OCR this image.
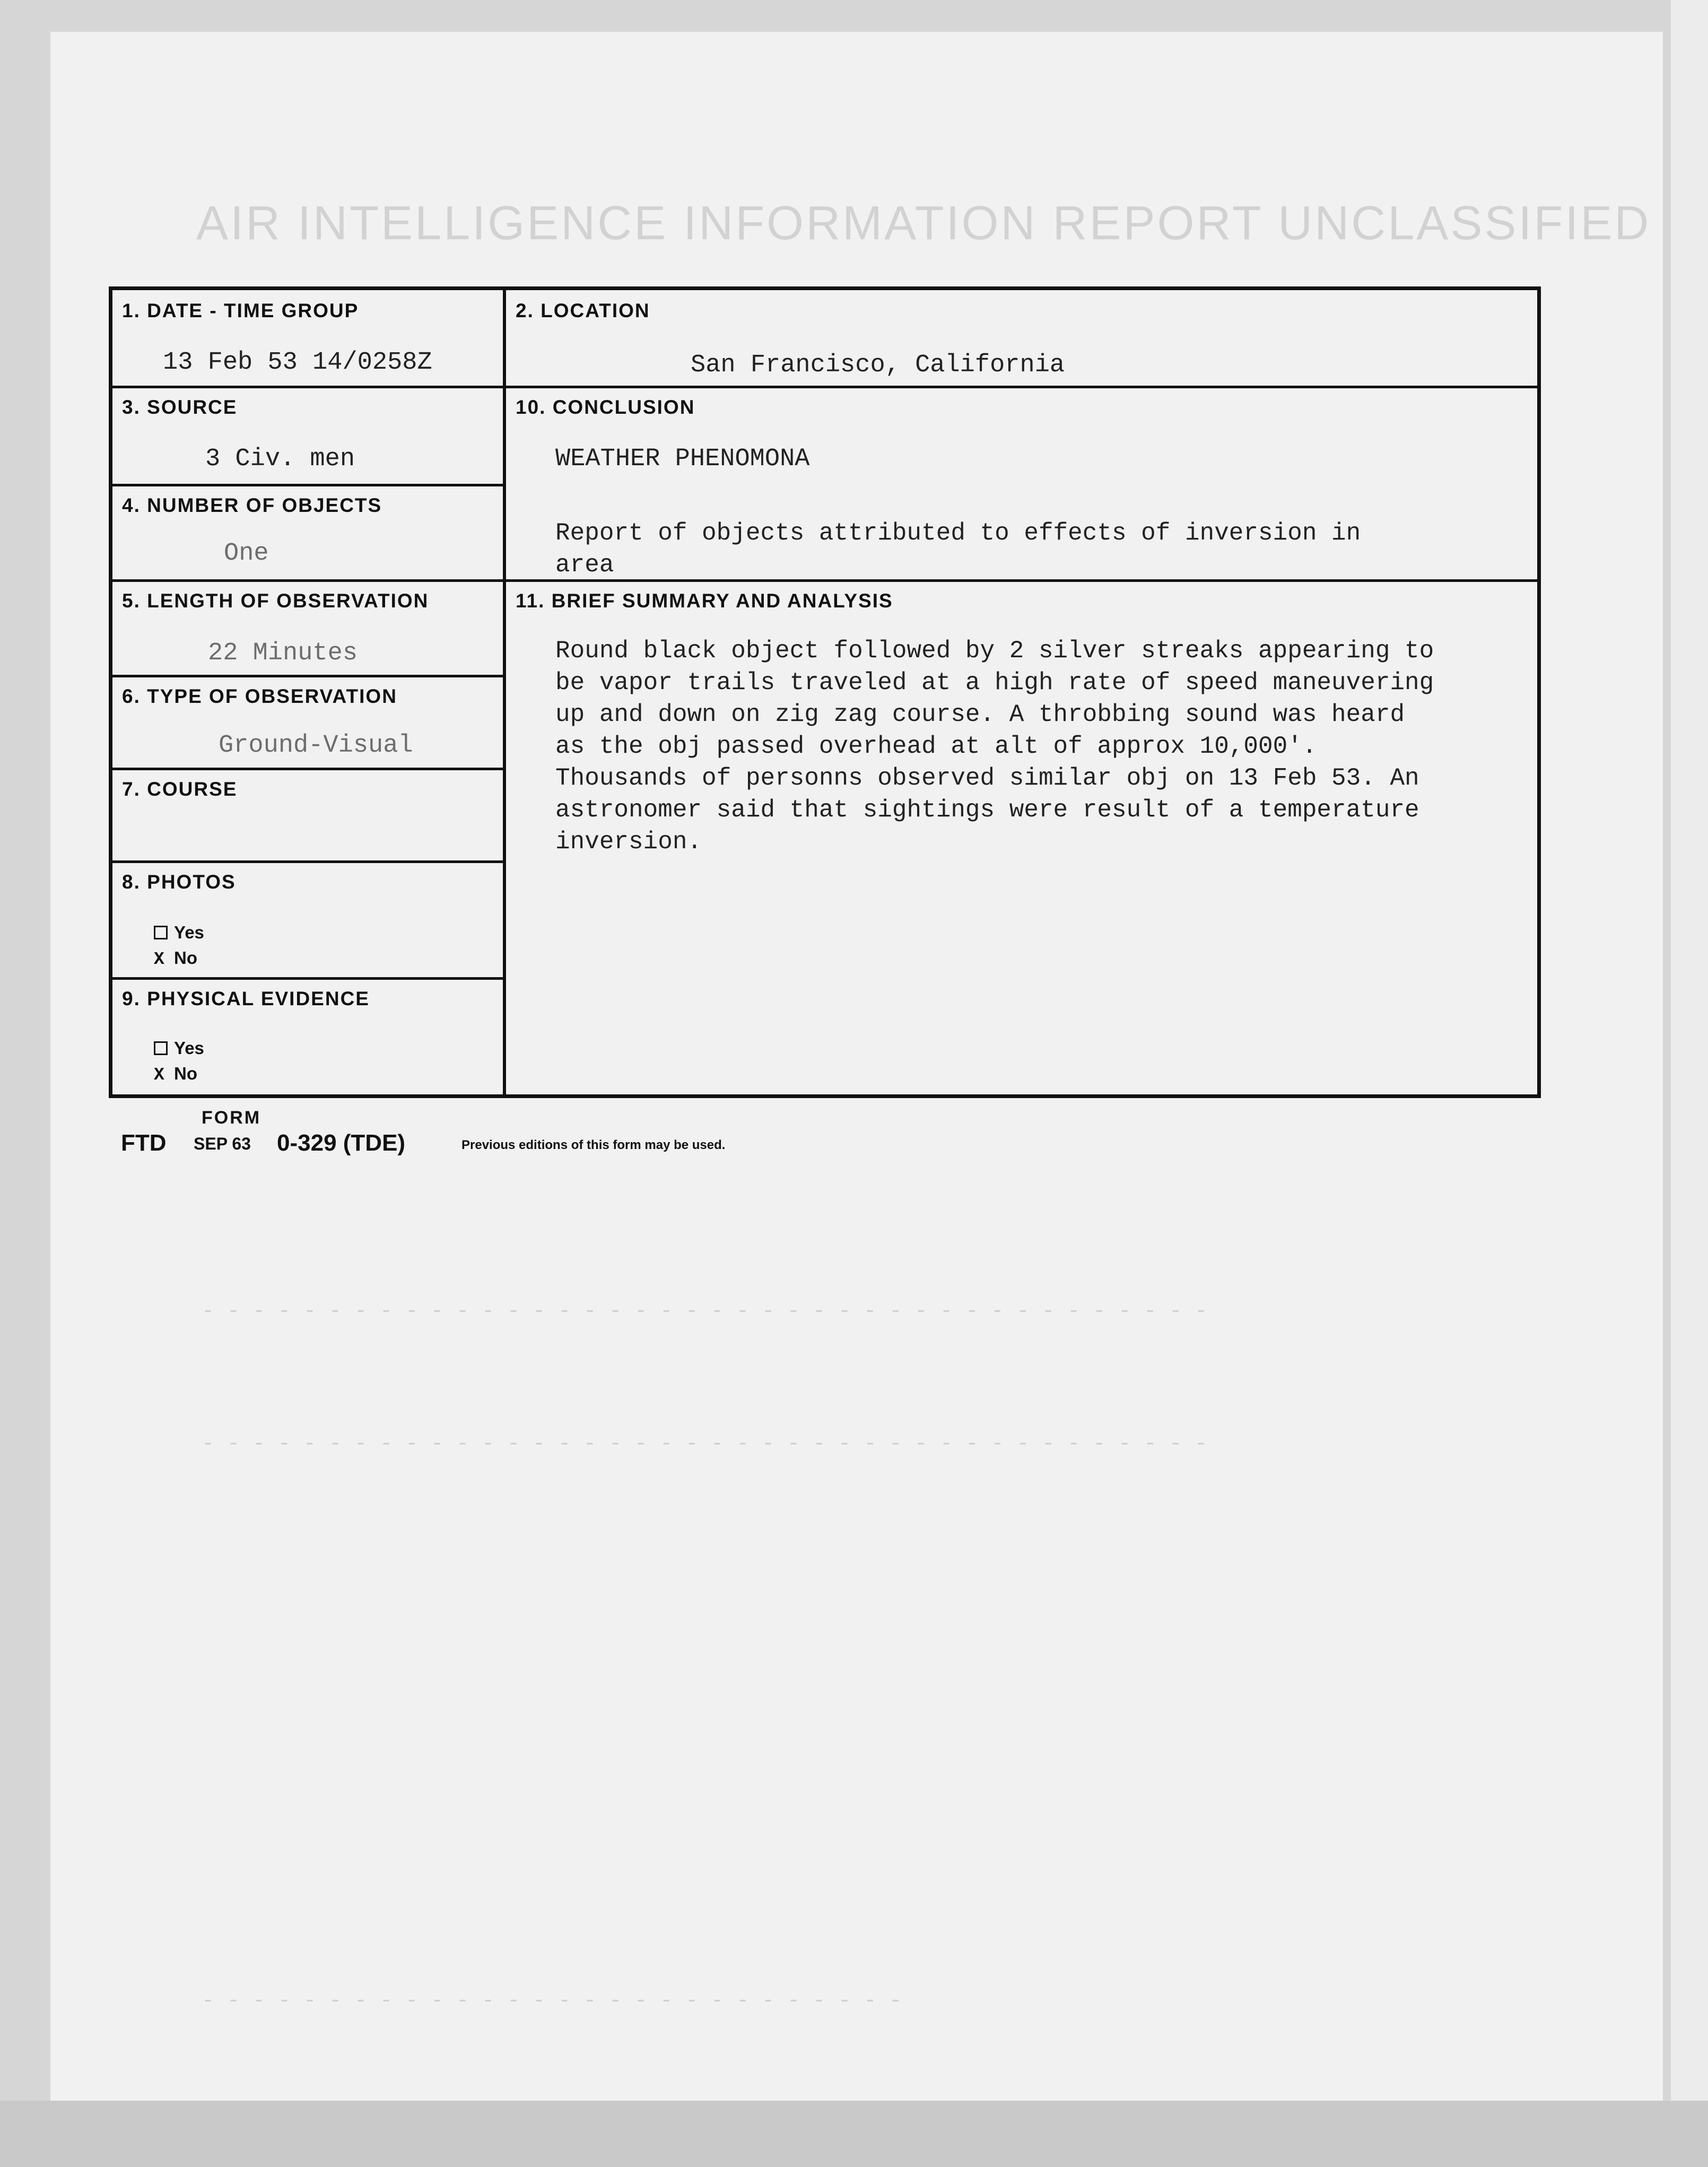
AIR INTELLIGENCE INFORMATION REPORT UNCLASSIFIED
- - - - - - - - - - - - - - - - - - - - - - - - - - - - - - - - - - - - - - - -
- - - - - - - - - - - - - - - - - - - - - - - - - - - - - - - - - - - - - - - -
- - - - - - - - - - - - - - - - - - - - - - - - - - - -
1. DATE - TIME GROUP
13 Feb 53 14/0258Z
2. LOCATION
San Francisco, California
3. SOURCE
3 Civ. men
10. CONCLUSION
WEATHER PHENOMONA
Report of objects attributed to effects of inversion in
area
4. NUMBER OF OBJECTS
One
5. LENGTH OF OBSERVATION
22 Minutes
11. BRIEF SUMMARY AND ANALYSIS
Round black object followed by 2 silver streaks appearing to
be vapor trails traveled at a high rate of speed maneuvering
up and down on zig zag course. A throbbing sound was heard
as the obj passed overhead at alt of approx 10,000'.
Thousands of personns observed similar obj on 13 Feb 53. An
astronomer said that sightings were result of a temperature
inversion.
6. TYPE OF OBSERVATION
Ground-Visual
7. COURSE
8. PHOTOS
Yes
X No
9. PHYSICAL EVIDENCE
Yes
X No
FORM
FTD SEP 63 0-329 (TDE)	Previous editions of this form may be used.
